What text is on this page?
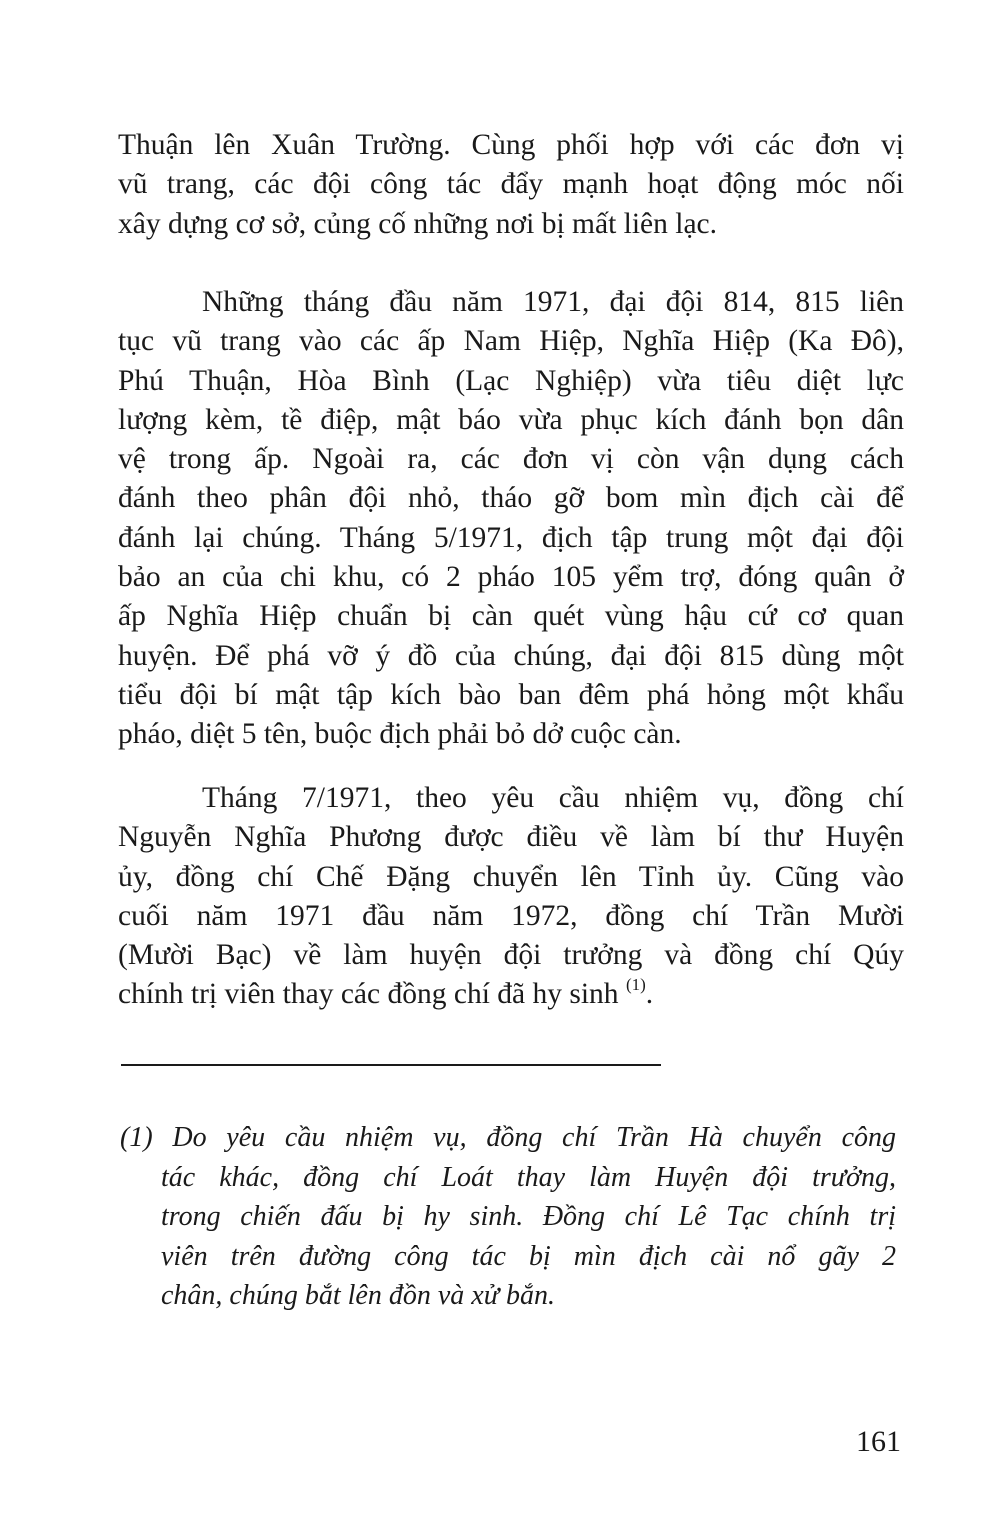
Thuận lên Xuân Trường. Cùng phối hợp với các đơn vị
vũ trang, các đội công tác đẩy mạnh hoạt động móc nối
xây dựng cơ sở, củng cố những nơi bị mất liên lạc.
Những tháng đầu năm 1971, đại đội 814, 815 liên
tục vũ trang vào các ấp Nam Hiệp, Nghĩa Hiệp (Ka Đô),
Phú Thuận, Hòa Bình (Lạc Nghiệp) vừa tiêu diệt lực
lượng kèm, tề điệp, mật báo vừa phục kích đánh bọn dân
vệ trong ấp. Ngoài ra, các đơn vị còn vận dụng cách
đánh theo phân đội nhỏ, tháo gỡ bom mìn địch cài để
đánh lại chúng. Tháng 5/1971, địch tập trung một đại đội
bảo an của chi khu, có 2 pháo 105 yểm trợ, đóng quân ở
ấp Nghĩa Hiệp chuẩn bị càn quét vùng hậu cứ cơ quan
huyện. Để phá vỡ ý đồ của chúng, đại đội 815 dùng một
tiểu đội bí mật tập kích bào ban đêm phá hỏng một khẩu
pháo, diệt 5 tên, buộc địch phải bỏ dở cuộc càn.
Tháng 7/1971, theo yêu cầu nhiệm vụ, đồng chí
Nguyễn Nghĩa Phương được điều về làm bí thư Huyện
ủy, đồng chí Chế Đặng chuyển lên Tỉnh ủy. Cũng vào
cuối năm 1971 đầu năm 1972, đồng chí Trần Mười
(Mười Bạc) về làm huyện đội trưởng và đồng chí Qúy
chính trị viên thay các đồng chí đã hy sinh $^{(1)}$.
(1) Do yêu cầu nhiệm vụ, đồng chí Trần Hà chuyển công
tác khác, đồng chí Loát thay làm Huyện đội trưởng,
trong chiến đấu bị hy sinh. Đồng chí Lê Tạc chính trị
viên trên đường công tác bị mìn địch cài nổ gãy 2
chân, chúng bắt lên đồn và xử bắn.
161
